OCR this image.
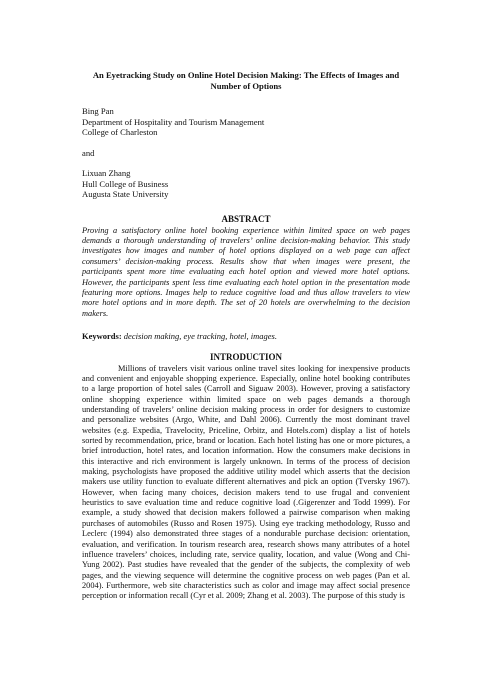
An Eyetracking Study on Online Hotel Decision Making: The Effects of Images and Number of Options
Bing Pan
Department of Hospitality and Tourism Management
College of Charleston
and
Lixuan Zhang
Hull College of Business
Augusta State University
ABSTRACT

Proving a satisfactory online hotel booking experience within limited space on web pages demands a thorough understanding of travelers’ online decision-making behavior. This study investigates how images and number of hotel options displayed on a web page can affect consumers’ decision-making process. Results show that when images were present, the participants spent more time evaluating each hotel option and viewed more hotel options. However, the participants spent less time evaluating each hotel option in the presentation mode featuring more options. Images help to reduce cognitive load and thus allow travelers to view more hotel options and in more depth. The set of 20 hotels are overwhelming to the decision makers.

Keywords: decision making, eye tracking, hotel, images.

INTRODUCTION

Millions of travelers visit various online travel sites looking for inexpensive products and convenient and enjoyable shopping experience. Especially, online hotel booking contributes to a large proportion of hotel sales (Carroll and Siguaw 2003). However, proving a satisfactory online shopping experience within limited space on web pages demands a thorough understanding of travelers’ online decision making process in order for designers to customize and personalize websites (Argo, White, and Dahl 2006). Currently the most dominant travel websites (e.g. Expedia, Travelocity, Priceline, Orbitz, and Hotels.com) display a list of hotels sorted by recommendation, price, brand or location. Each hotel listing has one or more pictures, a brief introduction, hotel rates, and location information. How the consumers make decisions in this interactive and rich environment is largely unknown. In terms of the process of decision making, psychologists have proposed the additive utility model which asserts that the decision makers use utility function to evaluate different alternatives and pick an option (Tversky 1967). However, when facing many choices, decision makers tend to use frugal and convenient heuristics to save evaluation time and reduce cognitive load (.Gigerenzer and Todd 1999). For example, a study showed that decision makers followed a pairwise comparison when making purchases of automobiles (Russo and Rosen 1975). Using eye tracking methodology, Russo and Leclerc (1994) also demonstrated three stages of a nondurable purchase decision: orientation, evaluation, and verification. In tourism research area, research shows many attributes of a hotel influence travelers’ choices, including rate, service quality, location, and value (Wong and Chi-Yung 2002). Past studies have revealed that the gender of the subjects, the complexity of web pages, and the viewing sequence will determine the cognitive process on web pages (Pan et al. 2004). Furthermore, web site characteristics such as color and image may affect social presence perception or information recall (Cyr et al. 2009; Zhang et al. 2003). The purpose of this study is
